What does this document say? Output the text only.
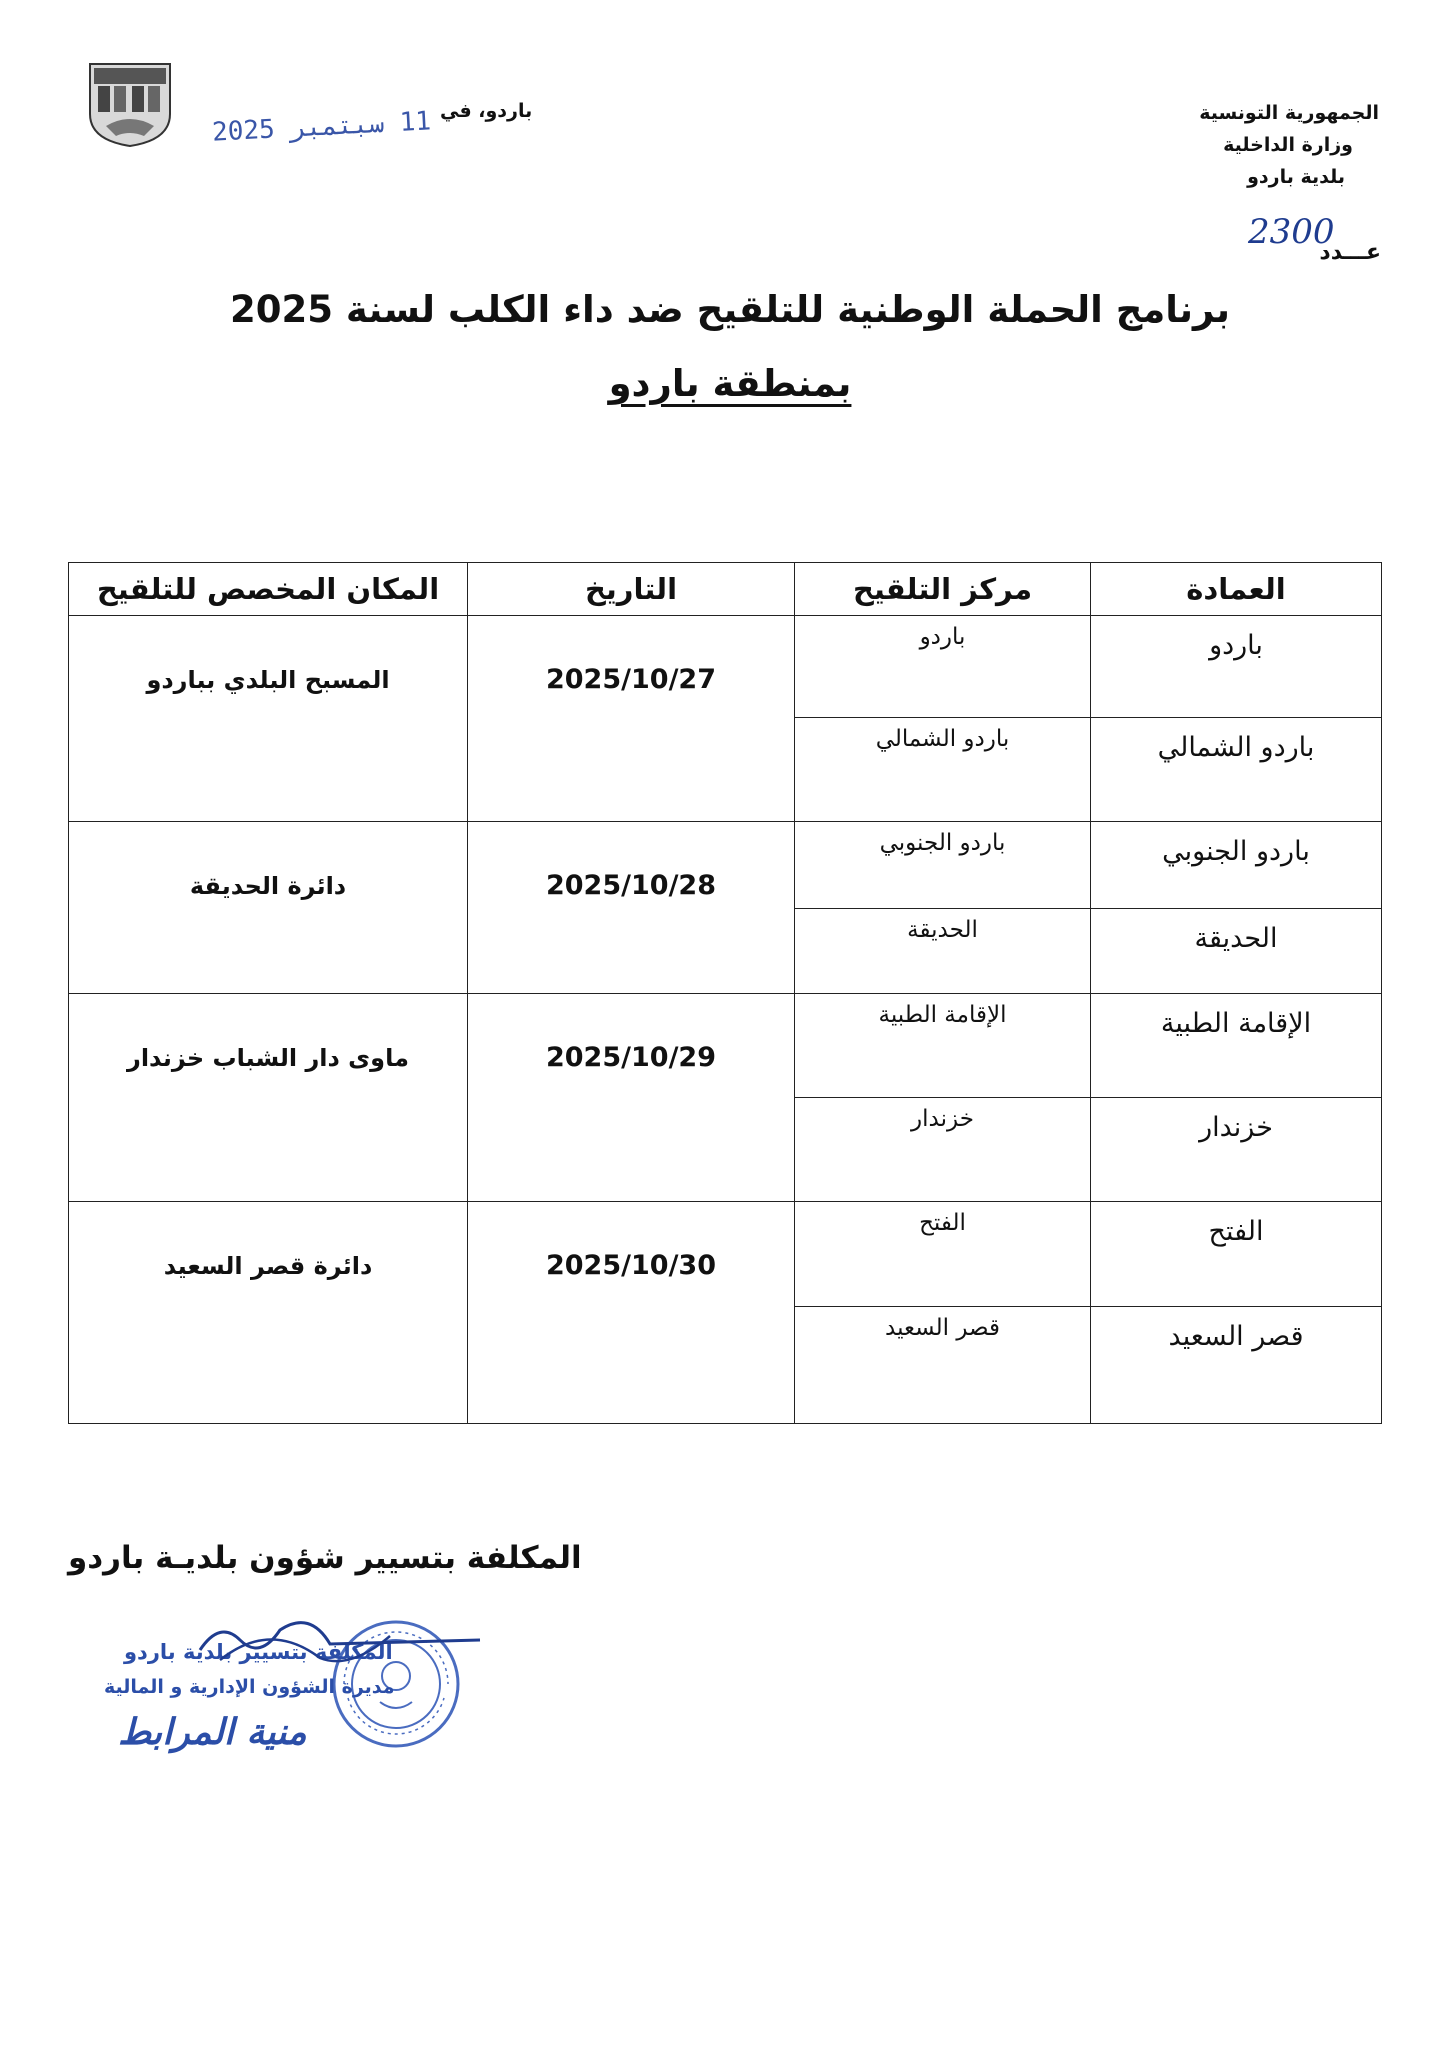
الجمهورية التونسية
وزارة الداخلية
بلدية باردو
عـــدد
2300
باردو، في
11 سبتمبر 2025
برنامج الحملة الوطنية للتلقيح ضد داء الكلب لسنة 2025
بمنطقة باردو
العمادة	مركز التلقيح	التاريخ	المكان المخصص للتلقيح
باردو	باردو	2025/10/27	المسبح البلدي بباردو
باردو الشمالي	باردو الشمالي		
باردو الجنوبي	باردو الجنوبي	2025/10/28	دائرة الحديقة
الحديقة	الحديقة		
الإقامة الطبية	الإقامة الطبية	2025/10/29	ماوى دار الشباب خزندار
خزندار	خزندار		
الفتح	الفتح	2025/10/30	دائرة قصر السعيد
قصر السعيد	قصر السعيد		
المكلفة بتسيير شؤون بلديـة باردو
المكلفة بتسيير بلدية باردو
مديرة الشؤون الإدارية و المالية
منية المرابط
